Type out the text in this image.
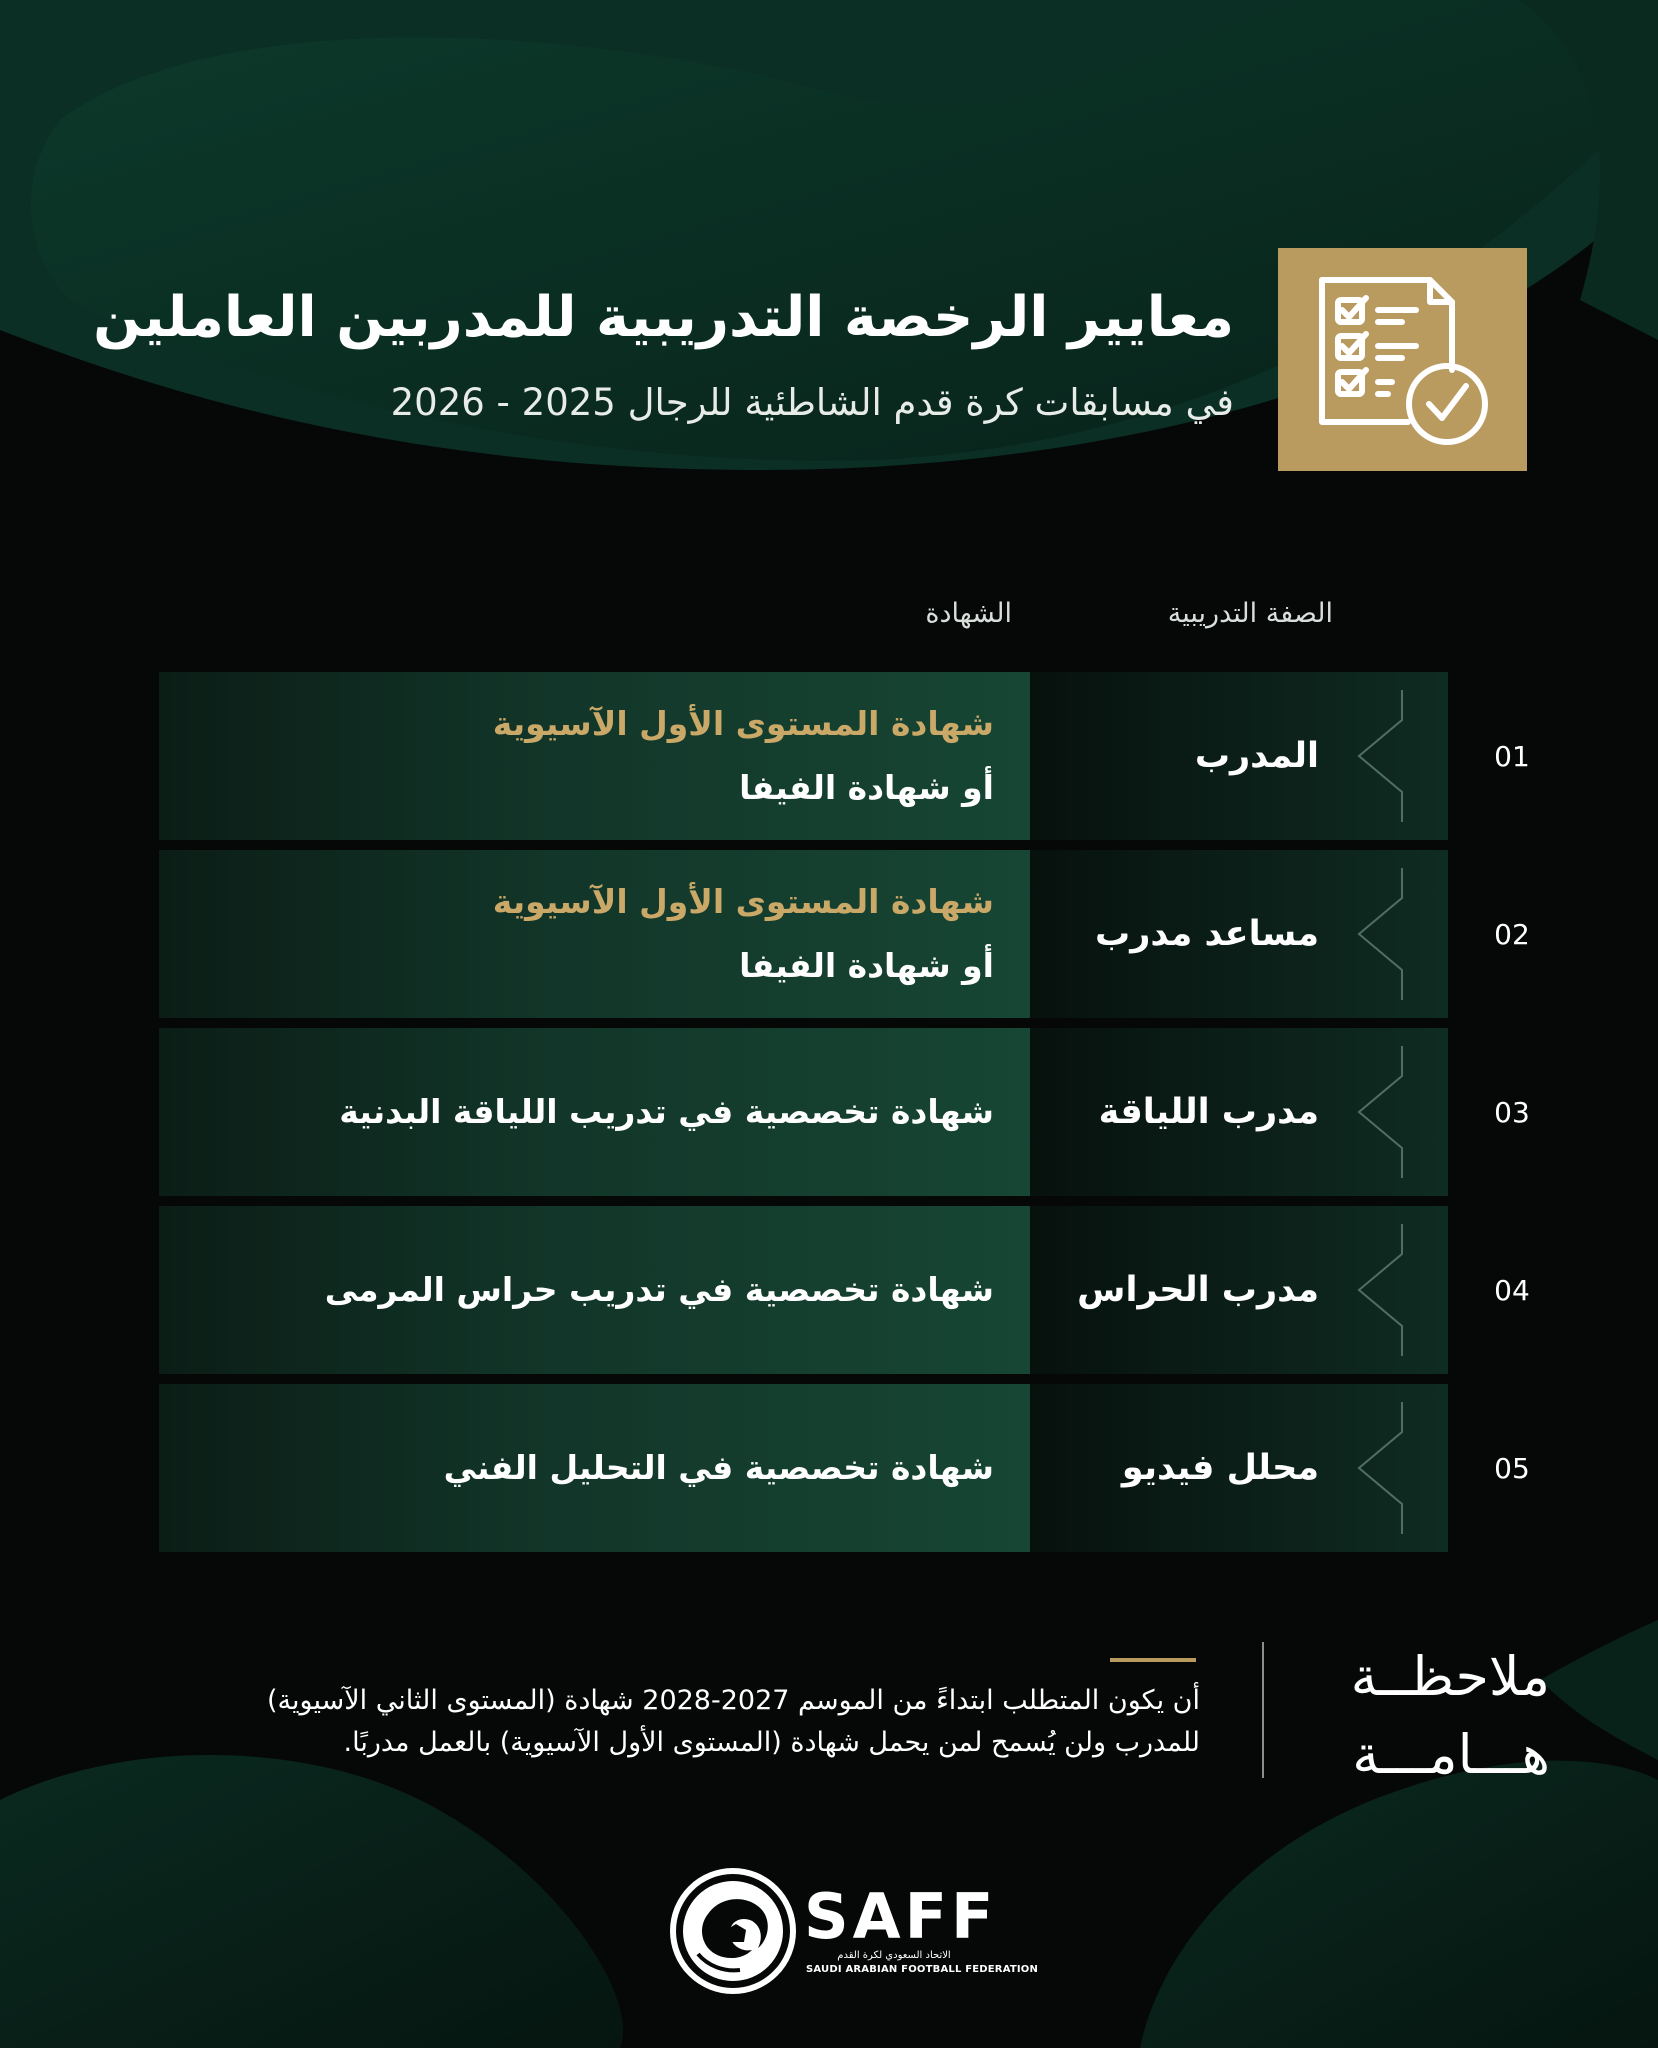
معايير الرخصة التدريبية للمدربين العاملين
في مسابقات كرة قدم الشاطئية للرجال 2025 - 2026
الصفة التدريبية
الشهادة
01
المدرب
شهادة المستوى الأول الآسيوية
أو شهادة الفيفا
02
مساعد مدرب
شهادة المستوى الأول الآسيوية
أو شهادة الفيفا
03
مدرب اللياقة
شهادة تخصصية في تدريب اللياقة البدنية
04
مدرب الحراس
شهادة تخصصية في تدريب حراس المرمى
05
محلل فيديو
شهادة تخصصية في التحليل الفني
أن يكون المتطلب ابتداءً من الموسم 2027-2028 شهادة (المستوى الثاني الآسيوية)
للمدرب ولن يُسمح لمن يحمل شهادة (المستوى الأول الآسيوية) بالعمل مدربًا.
ملاحظــة
هـــامـــة
SAFF
الاتحاد السعودي لكرة القدم
SAUDI ARABIAN FOOTBALL FEDERATION
